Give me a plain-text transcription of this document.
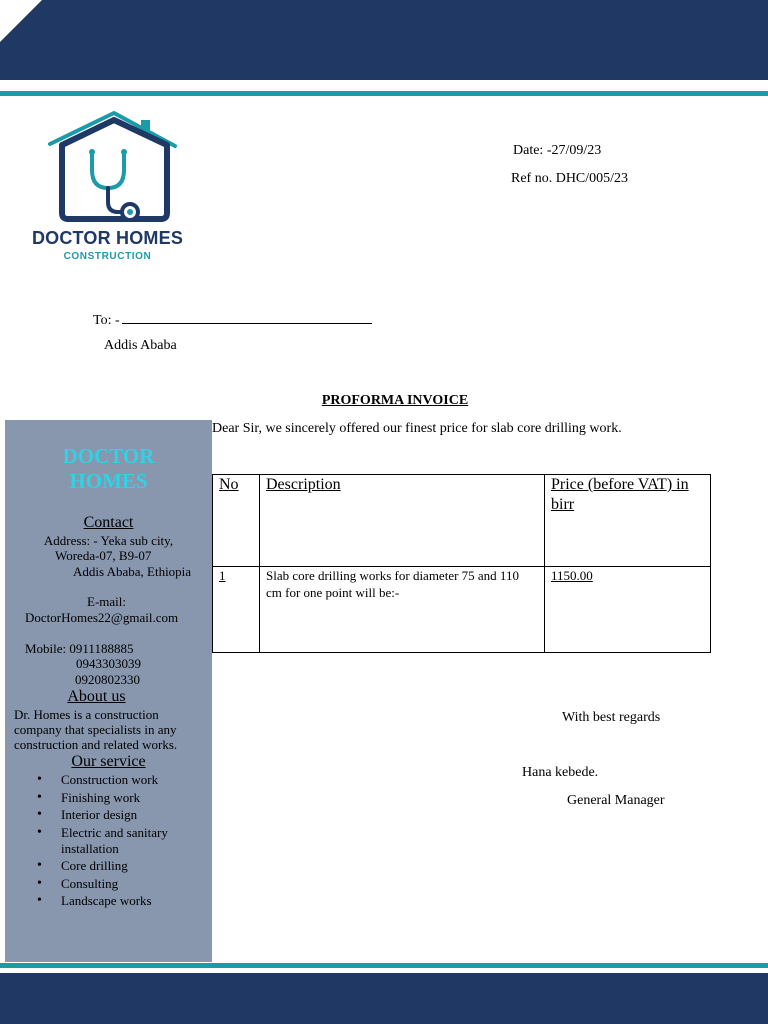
DOCTOR HOMES
CONSTRUCTION
Date: -27/09/23
Ref no. DHC/005/23
To: -
Addis Ababa
PROFORMA INVOICE
DOCTOR
HOMES
Contact
Address: - Yeka sub city,
Woreda-07, B9-07
Addis Ababa, Ethiopia
E-mail:
DoctorHomes22@gmail.com
Mobile: 0911188885
0943303039
0920802330
About us
Dr. Homes is a construction company that specialists in any construction and related works.
Our service
• Construction work
• Finishing work
• Interior design
• Electric and sanitary installation
• Core drilling
• Consulting
• Landscape works
Dear Sir, we sincerely offered our finest price for slab core drilling work.
No	Description	Price (before VAT) in birr
1	Slab core drilling works for diameter 75 and 110 cm for one point will be:-	1150.00
With best regards
Hana kebede.
General Manager
